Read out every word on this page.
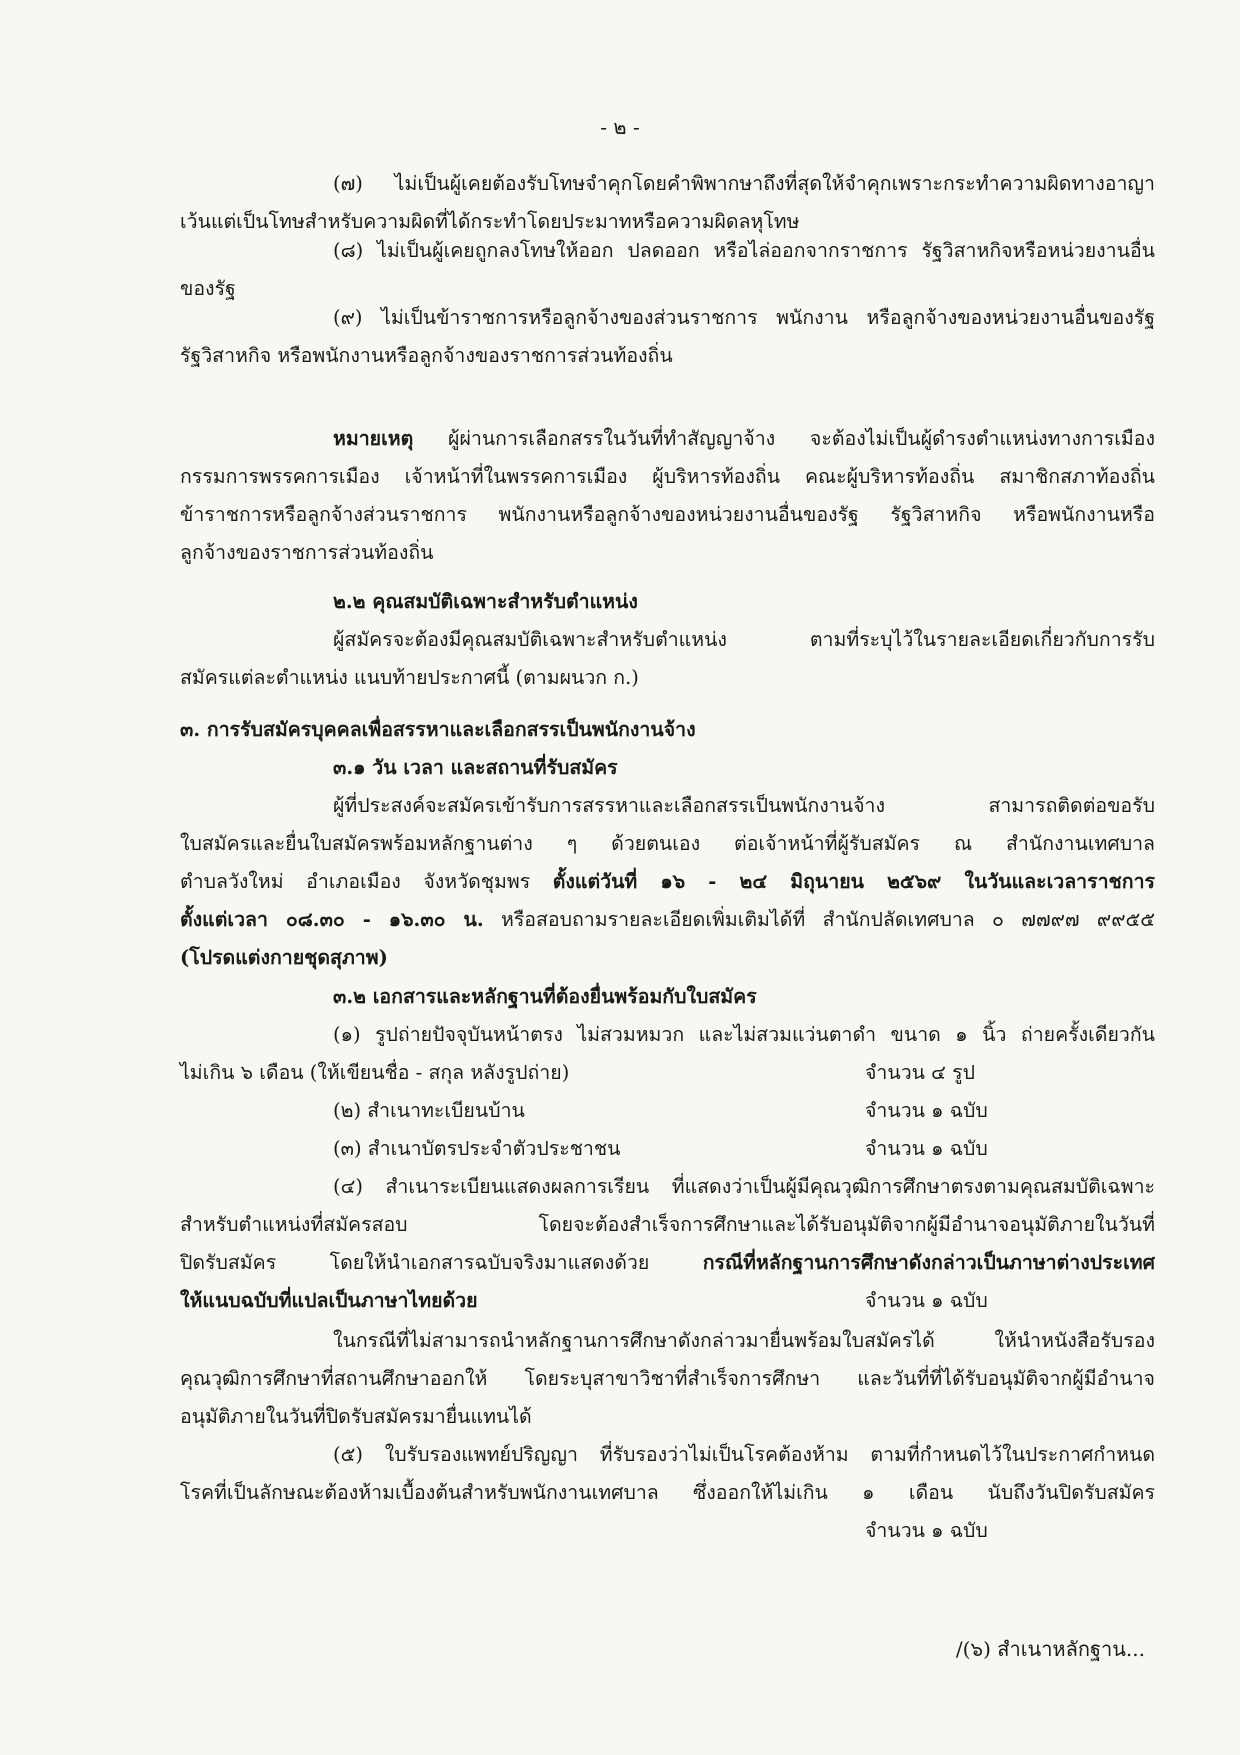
- ๒ -
(๗) ไม่เป็นผู้เคยต้องรับโทษจำคุกโดยคำพิพากษาถึงที่สุดให้จำคุกเพราะกระทำความผิดทางอาญา
เว้นแต่เป็นโทษสำหรับความผิดที่ได้กระทำโดยประมาทหรือความผิดลหุโทษ
(๘) ไม่เป็นผู้เคยถูกลงโทษให้ออก ปลดออก หรือไล่ออกจากราชการ รัฐวิสาหกิจหรือหน่วยงานอื่น
ของรัฐ
(๙) ไม่เป็นข้าราชการหรือลูกจ้างของส่วนราชการ พนักงาน หรือลูกจ้างของหน่วยงานอื่นของรัฐ
รัฐวิสาหกิจ หรือพนักงานหรือลูกจ้างของราชการส่วนท้องถิ่น
หมายเหตุ ผู้ผ่านการเลือกสรรในวันที่ทำสัญญาจ้าง จะต้องไม่เป็นผู้ดำรงตำแหน่งทางการเมือง
กรรมการพรรคการเมือง เจ้าหน้าที่ในพรรคการเมือง ผู้บริหารท้องถิ่น คณะผู้บริหารท้องถิ่น สมาชิกสภาท้องถิ่น
ข้าราชการหรือลูกจ้างส่วนราชการ พนักงานหรือลูกจ้างของหน่วยงานอื่นของรัฐ รัฐวิสาหกิจ หรือพนักงานหรือ
ลูกจ้างของราชการส่วนท้องถิ่น
๒.๒ คุณสมบัติเฉพาะสำหรับตำแหน่ง
ผู้สมัครจะต้องมีคุณสมบัติเฉพาะสำหรับตำแหน่ง ตามที่ระบุไว้ในรายละเอียดเกี่ยวกับการรับ
สมัครแต่ละตำแหน่ง แนบท้ายประกาศนี้ (ตามผนวก ก.)
๓. การรับสมัครบุคคลเพื่อสรรหาและเลือกสรรเป็นพนักงานจ้าง
๓.๑ วัน เวลา และสถานที่รับสมัคร
ผู้ที่ประสงค์จะสมัครเข้ารับการสรรหาและเลือกสรรเป็นพนักงานจ้าง สามารถติดต่อขอรับ
ใบสมัครและยื่นใบสมัครพร้อมหลักฐานต่าง ๆ ด้วยตนเอง ต่อเจ้าหน้าที่ผู้รับสมัคร ณ สำนักงานเทศบาล
ตำบลวังใหม่ อำเภอเมือง จังหวัดชุมพร ตั้งแต่วันที่ ๑๖ - ๒๔ มิถุนายน ๒๕๖๙ ในวันและเวลาราชการ
ตั้งแต่เวลา ๐๘.๓๐ - ๑๖.๓๐ น. หรือสอบถามรายละเอียดเพิ่มเติมได้ที่ สำนักปลัดเทศบาล ๐ ๗๗๙๗ ๙๙๕๕
(โปรดแต่งกายชุดสุภาพ)
๓.๒ เอกสารและหลักฐานที่ต้องยื่นพร้อมกับใบสมัคร
(๑) รูปถ่ายปัจจุบันหน้าตรง ไม่สวมหมวก และไม่สวมแว่นตาดำ ขนาด ๑ นิ้ว ถ่ายครั้งเดียวกัน
ไม่เกิน ๖ เดือน (ให้เขียนชื่อ - สกุล หลังรูปถ่าย)	จำนวน ๔ รูป
(๒) สำเนาทะเบียนบ้าน	จำนวน ๑ ฉบับ
(๓) สำเนาบัตรประจำตัวประชาชน	จำนวน ๑ ฉบับ
(๔) สำเนาระเบียนแสดงผลการเรียน ที่แสดงว่าเป็นผู้มีคุณวุฒิการศึกษาตรงตามคุณสมบัติเฉพาะ
สำหรับตำแหน่งที่สมัครสอบ โดยจะต้องสำเร็จการศึกษาและได้รับอนุมัติจากผู้มีอำนาจอนุมัติภายในวันที่
ปิดรับสมัคร โดยให้นำเอกสารฉบับจริงมาแสดงด้วย กรณีที่หลักฐานการศึกษาดังกล่าวเป็นภาษาต่างประเทศ
ให้แนบฉบับที่แปลเป็นภาษาไทยด้วย	จำนวน ๑ ฉบับ
ในกรณีที่ไม่สามารถนำหลักฐานการศึกษาดังกล่าวมายื่นพร้อมใบสมัครได้ ให้นำหนังสือรับรอง
คุณวุฒิการศึกษาที่สถานศึกษาออกให้ โดยระบุสาขาวิชาที่สำเร็จการศึกษา และวันที่ที่ได้รับอนุมัติจากผู้มีอำนาจ
อนุมัติภายในวันที่ปิดรับสมัครมายื่นแทนได้
(๕) ใบรับรองแพทย์ปริญญา ที่รับรองว่าไม่เป็นโรคต้องห้าม ตามที่กำหนดไว้ในประกาศกำหนด
โรคที่เป็นลักษณะต้องห้ามเบื้องต้นสำหรับพนักงานเทศบาล ซึ่งออกให้ไม่เกิน ๑ เดือน นับถึงวันปิดรับสมัคร
จำนวน ๑ ฉบับ
/(๖) สำเนาหลักฐาน...
